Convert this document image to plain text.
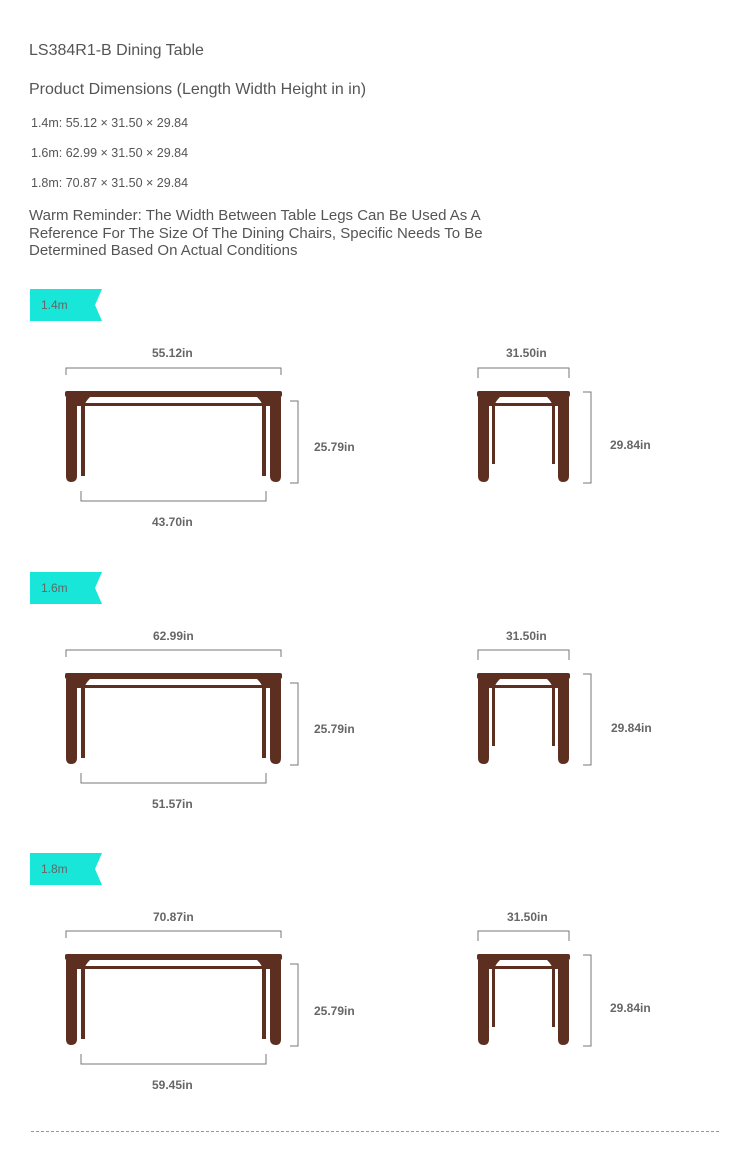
LS384R1-B Dining Table
Product Dimensions (Length Width Height in in)
1.4m: 55.12 × 31.50 × 29.84
1.6m: 62.99 × 31.50 × 29.84
1.8m: 70.87 × 31.50 × 29.84
Warm Reminder: The Width Between Table Legs Can Be Used As A
Reference For The Size Of The Dining Chairs, Specific Needs To Be
Determined Based On Actual Conditions
1.4m
1.6m
1.8m
55.12in
25.79in
43.70in
31.50in
29.84in
62.99in
25.79in
51.57in
31.50in
29.84in
70.87in
25.79in
59.45in
31.50in
29.84in
